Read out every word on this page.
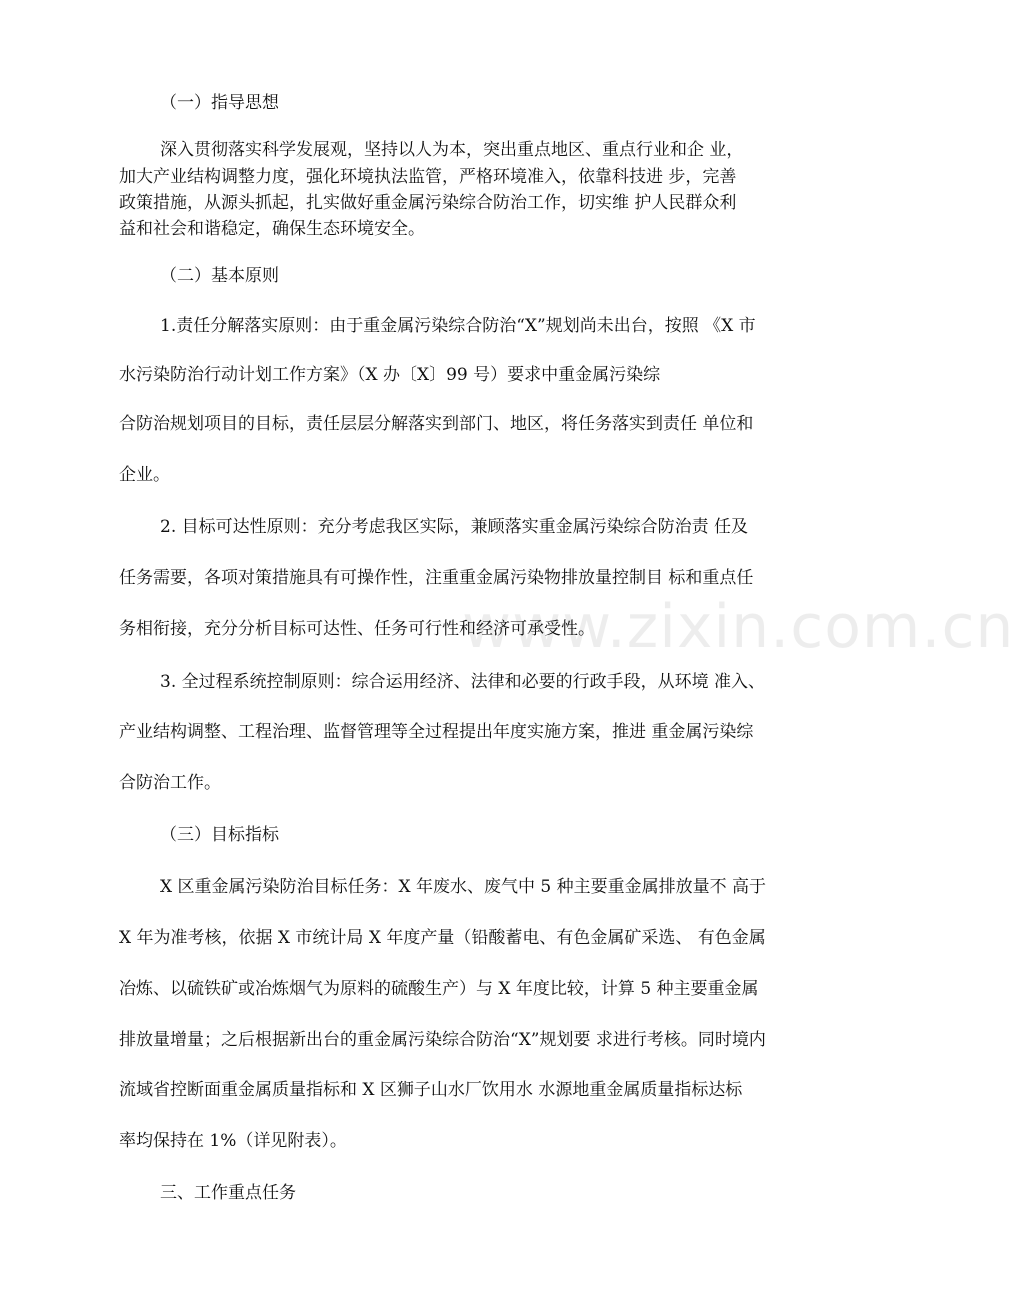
（一）指导思想

深入贯彻落实科学发展观，坚持以人为本，突出重点地区、重点行业和企 业，

加大产业结构调整力度，强化环境执法监管，严格环境准入，依靠科技进 步，完善

政策措施，从源头抓起，扎实做好重金属污染综合防治工作，切实维 护人民群众利

益和社会和谐稳定，确保生态环境安全。

（二）基本原则

1.责任分解落实原则：由于重金属污染综合防治“X”规划尚未出台，按照 《X 市

水污染防治行动计划工作方案》（X 办〔X〕99 号）要求中重金属污染综

合防治规划项目的目标，责任层层分解落实到部门、地区，将任务落实到责任 单位和

企业。

2. 目标可达性原则：充分考虑我区实际，兼顾落实重金属污染综合防治责 任及

任务需要，各项对策措施具有可操作性，注重重金属污染物排放量控制目 标和重点任

务相衔接，充分分析目标可达性、任务可行性和经济可承受性。

3. 全过程系统控制原则：综合运用经济、法律和必要的行政手段，从环境 准入、

产业结构调整、工程治理、监督管理等全过程提出年度实施方案，推进 重金属污染综

合防治工作。

（三）目标指标

X 区重金属污染防治目标任务：X 年废水、废气中 5 种主要重金属排放量不 高于

X 年为准考核，依据 X 市统计局 X 年度产量（铅酸蓄电、有色金属矿采选、 有色金属

冶炼、以硫铁矿或冶炼烟气为原料的硫酸生产）与 X 年度比较，计算 5 种主要重金属

排放量增量；之后根据新出台的重金属污染综合防治“X”规划要 求进行考核。同时境内

流域省控断面重金属质量指标和 X 区狮子山水厂饮用水 水源地重金属质量指标达标

率均保持在 1%（详见附表）。

三、工作重点任务

www.zixin.com.cn
